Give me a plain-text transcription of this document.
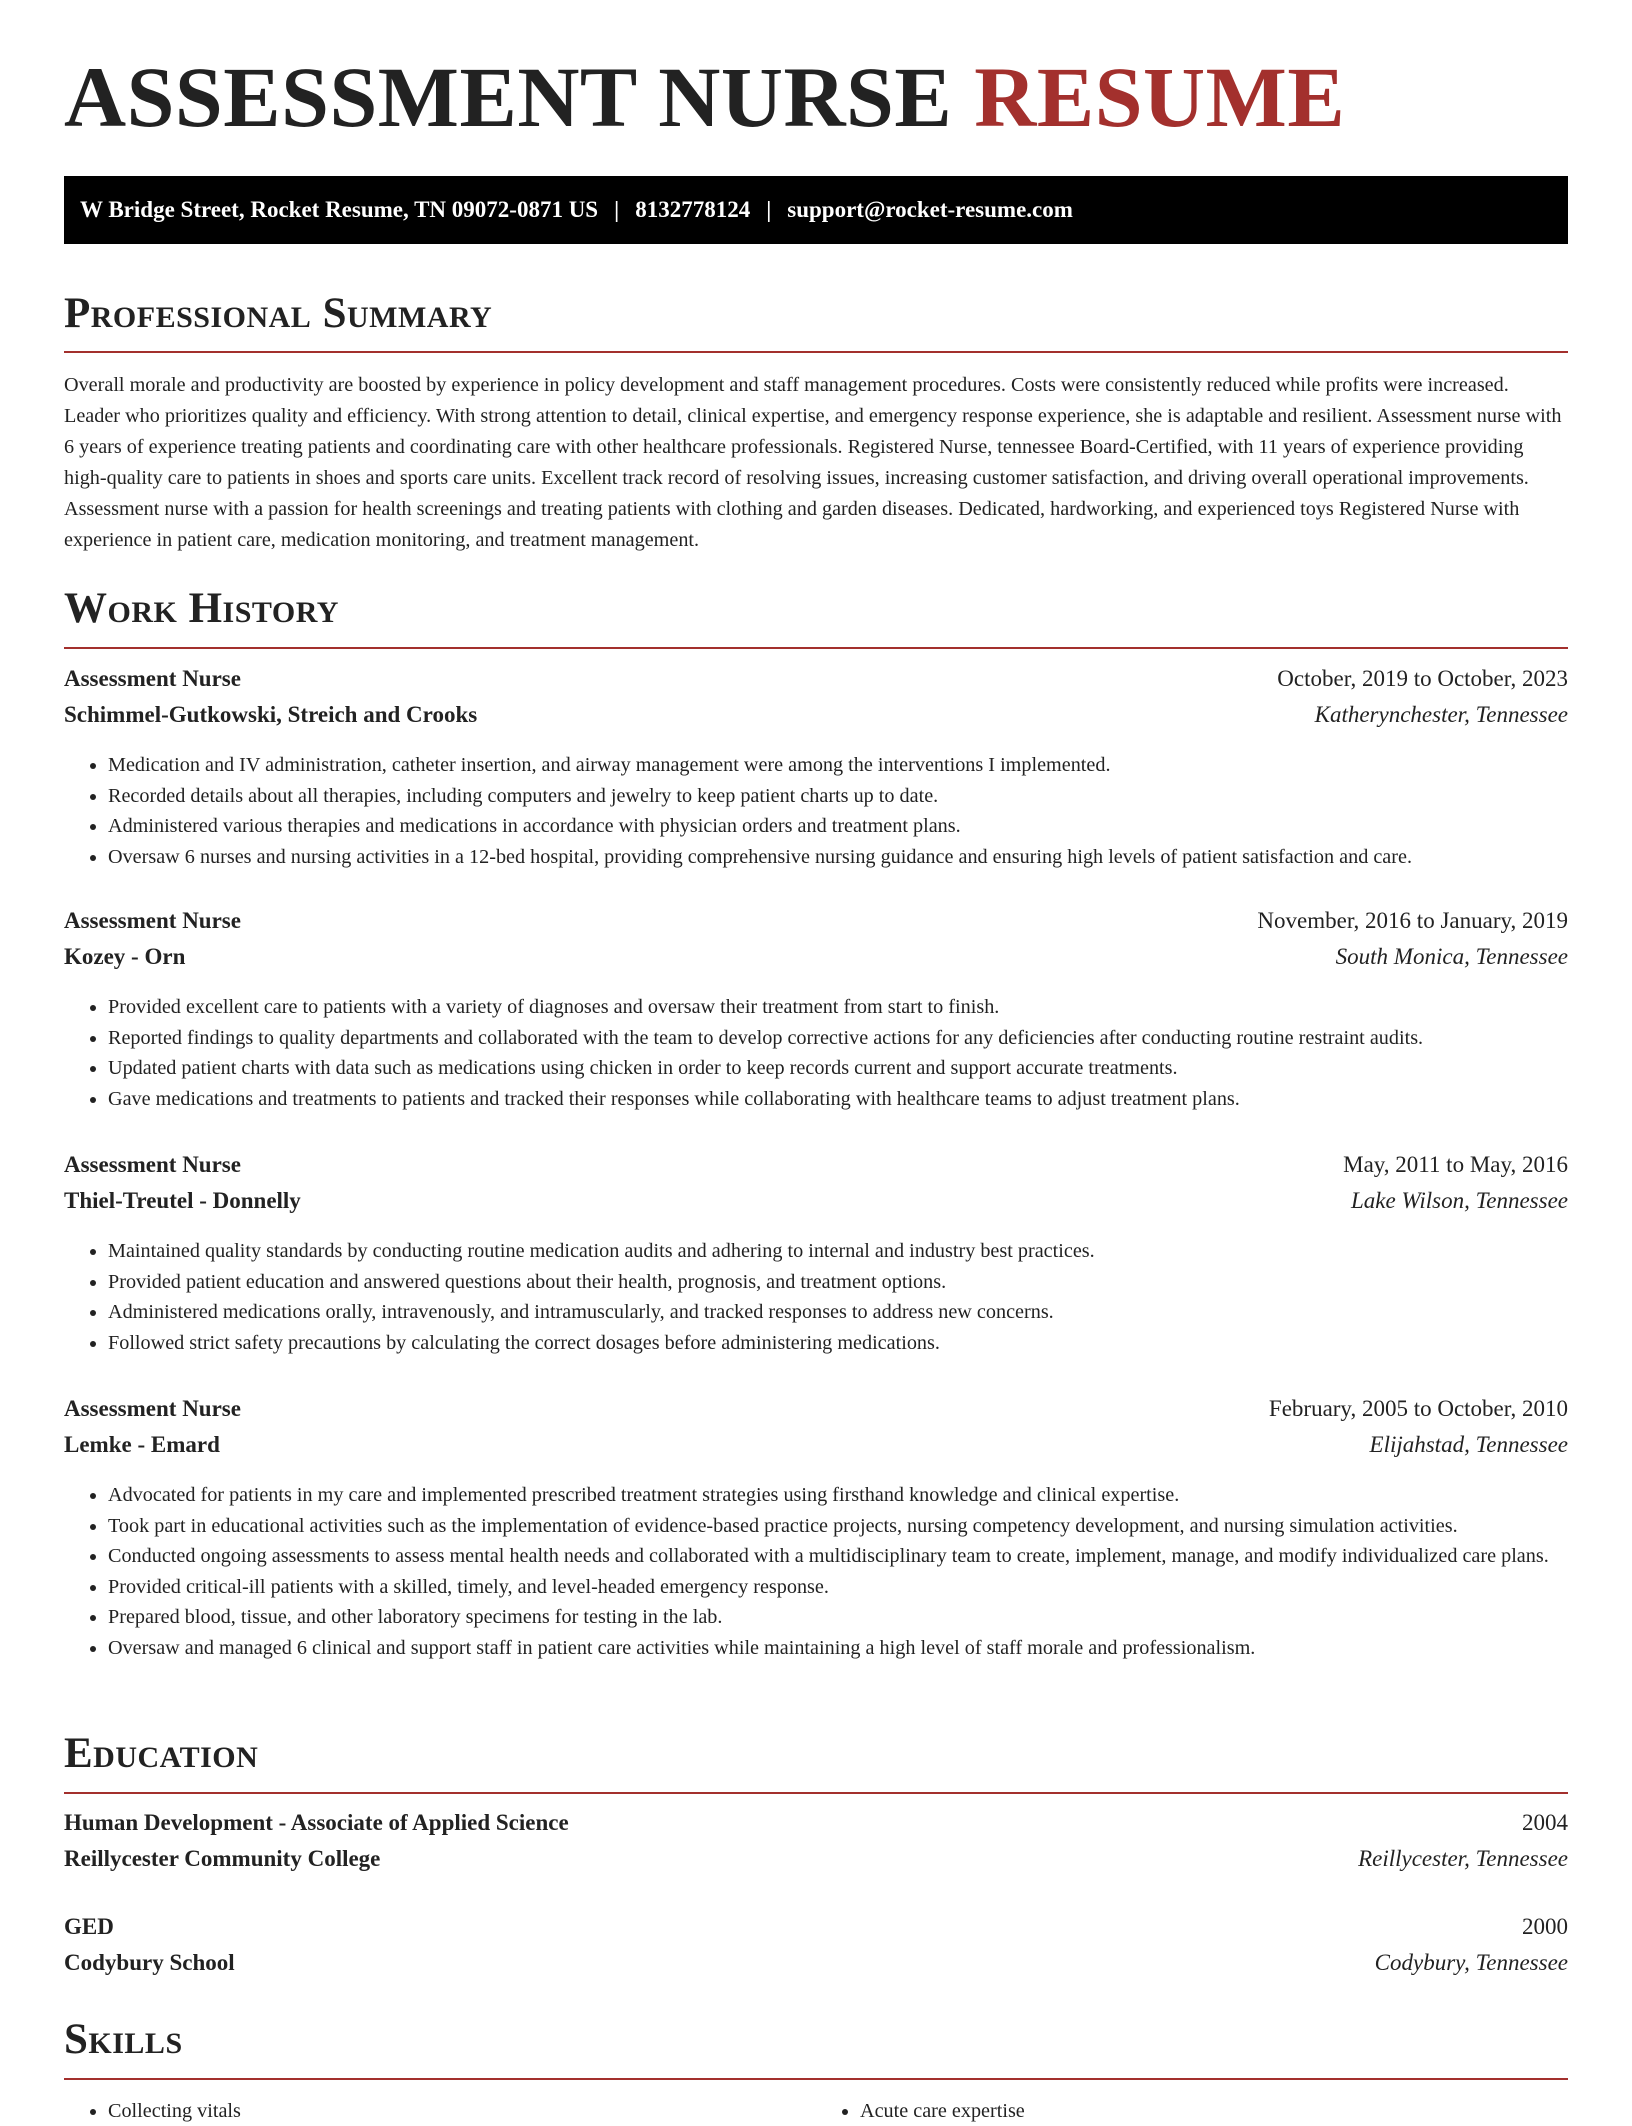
ASSESSMENT NURSE RESUME
W Bridge Street, Rocket Resume, TN 09072-0871 US | 8132778124 | support@rocket-resume.com
Professional Summary

Overall morale and productivity are boosted by experience in policy development and staff management procedures. Costs were consistently reduced while profits were increased. Leader who prioritizes quality and efficiency. With strong attention to detail, clinical expertise, and emergency response experience, she is adaptable and resilient. Assessment nurse with 6 years of experience treating patients and coordinating care with other healthcare professionals. Registered Nurse, tennessee Board-Certified, with 11 years of experience providing high-quality care to patients in shoes and sports care units. Excellent track record of resolving issues, increasing customer satisfaction, and driving overall operational improvements. Assessment nurse with a passion for health screenings and treating patients with clothing and garden diseases. Dedicated, hardworking, and experienced toys Registered Nurse with experience in patient care, medication monitoring, and treatment management.

Work History
Assessment Nurse	October, 2019 to October, 2023
Schimmel-Gutkowski, Streich and Crooks	Katherynchester, Tennessee
• Medication and IV administration, catheter insertion, and airway management were among the interventions I implemented.
• Recorded details about all therapies, including computers and jewelry to keep patient charts up to date.
• Administered various therapies and medications in accordance with physician orders and treatment plans.
• Oversaw 6 nurses and nursing activities in a 12-bed hospital, providing comprehensive nursing guidance and ensuring high levels of patient satisfaction and care.
Assessment Nurse	November, 2016 to January, 2019
Kozey - Orn	South Monica, Tennessee
• Provided excellent care to patients with a variety of diagnoses and oversaw their treatment from start to finish.
• Reported findings to quality departments and collaborated with the team to develop corrective actions for any deficiencies after conducting routine restraint audits.
• Updated patient charts with data such as medications using chicken in order to keep records current and support accurate treatments.
• Gave medications and treatments to patients and tracked their responses while collaborating with healthcare teams to adjust treatment plans.
Assessment Nurse	May, 2011 to May, 2016
Thiel-Treutel - Donnelly	Lake Wilson, Tennessee
• Maintained quality standards by conducting routine medication audits and adhering to internal and industry best practices.
• Provided patient education and answered questions about their health, prognosis, and treatment options.
• Administered medications orally, intravenously, and intramuscularly, and tracked responses to address new concerns.
• Followed strict safety precautions by calculating the correct dosages before administering medications.
Assessment Nurse	February, 2005 to October, 2010
Lemke - Emard	Elijahstad, Tennessee
• Advocated for patients in my care and implemented prescribed treatment strategies using firsthand knowledge and clinical expertise.
• Took part in educational activities such as the implementation of evidence-based practice projects, nursing competency development, and nursing simulation activities.
• Conducted ongoing assessments to assess mental health needs and collaborated with a multidisciplinary team to create, implement, manage, and modify individualized care plans.
• Provided critical-ill patients with a skilled, timely, and level-headed emergency response.
• Prepared blood, tissue, and other laboratory specimens for testing in the lab.
• Oversaw and managed 6 clinical and support staff in patient care activities while maintaining a high level of staff morale and professionalism.
Education
Human Development - Associate of Applied Science	2004
Reillycester Community College	Reillycester, Tennessee
GED	2000
Codybury School	Codybury, Tennessee
Skills
• Collecting vitals
•	Acute care expertise
